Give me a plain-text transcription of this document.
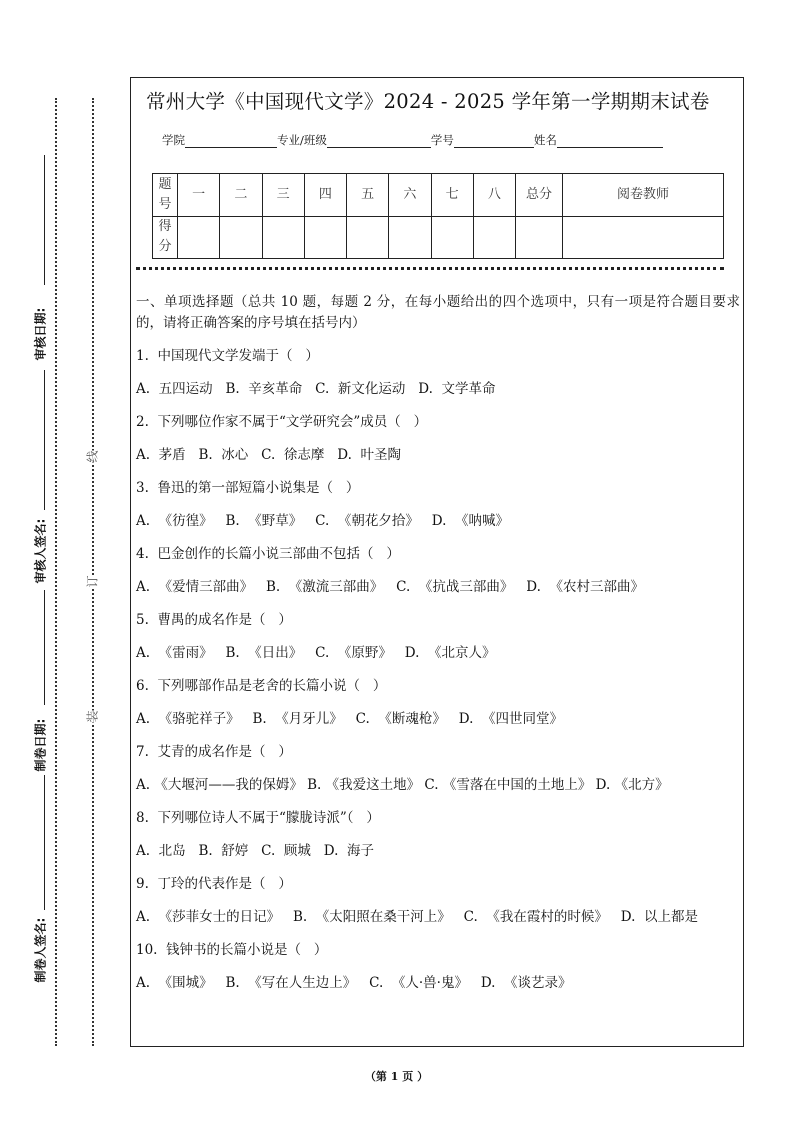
审核日期:
审核人签名:
制卷日期:
制卷人签名:
线
订
装
常州大学《中国现代文学》2024 - 2025 学年第一学期期末试卷
学院	专业/班级	学号	姓名
题号	一	二	三	四	五	六	七	八	总分	阅卷教师
得分										

一、单项选择题（总共 10 题，每题 2 分，在每小题给出的四个选项中，只有一项是符合题目要求的，请将正确答案的序号填在括号内）

1.  中国现代文学发端于（   ）

A.  五四运动   B.  辛亥革命   C.  新文化运动   D.  文学革命

2.  下列哪位作家不属于“文学研究会”成员（   ）

A.  茅盾   B.  冰心   C.  徐志摩   D.  叶圣陶

3.  鲁迅的第一部短篇小说集是（   ）

A.  《彷徨》   B.  《野草》   C.  《朝花夕拾》   D.  《呐喊》

4.  巴金创作的长篇小说三部曲不包括（   ）

A.  《爱情三部曲》   B.  《激流三部曲》   C.  《抗战三部曲》   D.  《农村三部曲》

5.  曹禺的成名作是（   ）

A.  《雷雨》   B.  《日出》   C.  《原野》   D.  《北京人》

6.  下列哪部作品是老舍的长篇小说（   ）

A.  《骆驼祥子》   B.  《月牙儿》   C.  《断魂枪》   D.  《四世同堂》

7.  艾青的成名作是（   ）

A. 《大堰河——我的保姆》 B. 《我爱这土地》 C. 《雪落在中国的土地上》 D. 《北方》

8.  下列哪位诗人不属于“朦胧诗派”（   ）

A.  北岛   B.  舒婷   C.  顾城   D.  海子

9.  丁玲的代表作是（   ）

A.  《莎菲女士的日记》   B.  《太阳照在桑干河上》   C.  《我在霞村的时候》   D.  以上都是

10.  钱钟书的长篇小说是（   ）

A.  《围城》   B.  《写在人生边上》   C.  《人·兽·鬼》   D.  《谈艺录》

（第 1 页 ）
